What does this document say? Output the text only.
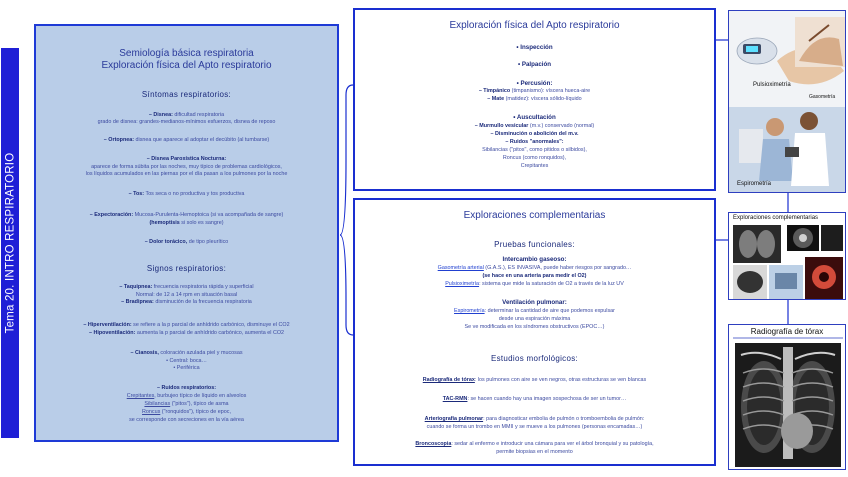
Tema 20. INTRO RESPIRATORIO
Semiología básica respiratoria
Exploración física del Apto respiratorio
Síntomas respiratorios:
– Disnea: dificultad respiratoria
grado de disnea: grandes-medianos-mínimos esfuerzos, disnea de reposo
– Ortopnea: disnea que aparece al adoptar el decúbito (al tumbarse)
– Disnea Paroxística Nocturna:
aparece de forma súbita por las noches, muy típico de problemas cardiológicos,
los líquidos acumulados en las piernas por el día pasan a los pulmones por la noche
– Tos: Tos seca o no productiva y tos productiva
– Expectoración: Mucosa-Purulenta-Hemoptoica (si va acompañada de sangre)
(hemoptisis si solo es sangre)
– Dolor torácico, de tipo pleurítico
Signos respiratorios:
– Taquipnea: frecuencia respiratoria rápida y superficial
Normal: de 12 a 14 rpm en situación basal
– Bradipnea: disminución de la frecuencia respiratoria
– Hiperventilación: se refiere a la p parcial de anhídrido carbónico, disminuye el CO2
– Hipoventilación: aumenta la p parcial de anhídrido carbónico, aumenta el CO2
– Cianosis, coloración azulada piel y mucosas
• Central: boca…
• Periférica
– Ruidos respiratorios:
Crepitantes, burbujeo típico de líquido en alveolos
Sibilancias ("pitos"), típico de asma
Roncus ("ronquidos"), típico de epoc,
se corresponde con secreciones en la vía aérea
Exploración física del Apto respiratorio
• Inspección
• Palpación
• Percusión:
– Timpánico (timpanismo): víscera hueca-aire
– Mate (matidez): víscera sólido-líquido
• Auscultación
– Murmullo vesicular (m.v.) conservado (normal)
– Disminución o abolición del m.v.
– Ruidos "anormales":
Sibilancias ("pitos", como pitidos o silbidos),
Roncus (como ronquidos),
Crepitantes
Exploraciones complementarias
Pruebas funcionales:
Intercambio gaseoso:
Gasometría arterial (G.A.S.), ES INVASIVA, puede haber riesgos por sangrado…
(se hace en una arteria para medir el O2)
Pulsioximetría: sistema que mide la saturación de O2 a través de la luz UV
Ventilación pulmonar:
Espirometría: determinar la cantidad de aire que podemos expulsar
desde una espiración máxima
Se ve modificada en los síndromes obstructivos (EPOC…)
Estudios morfológicos:
Radiografía de tórax: los pulmones con aire se ven negros, otras estructuras se ven blancas
TAC-RMN: se hacen cuando hay una imagen sospechosa de ser un tumor…
Arteriografía pulmonar: para diagnosticar embolia de pulmón o tromboembolia de pulmón:
cuando se forma un trombo en MMII y se mueve a los pulmones (personas encamadas…)
Broncoscopia: sedar al enfermo e introducir una cámara para ver el árbol bronquial y su patología,
permite biopsias en el momento
Pulsioximetría
Gasometría
Espirometría
Exploraciones complementarias
Radiografía de tórax
